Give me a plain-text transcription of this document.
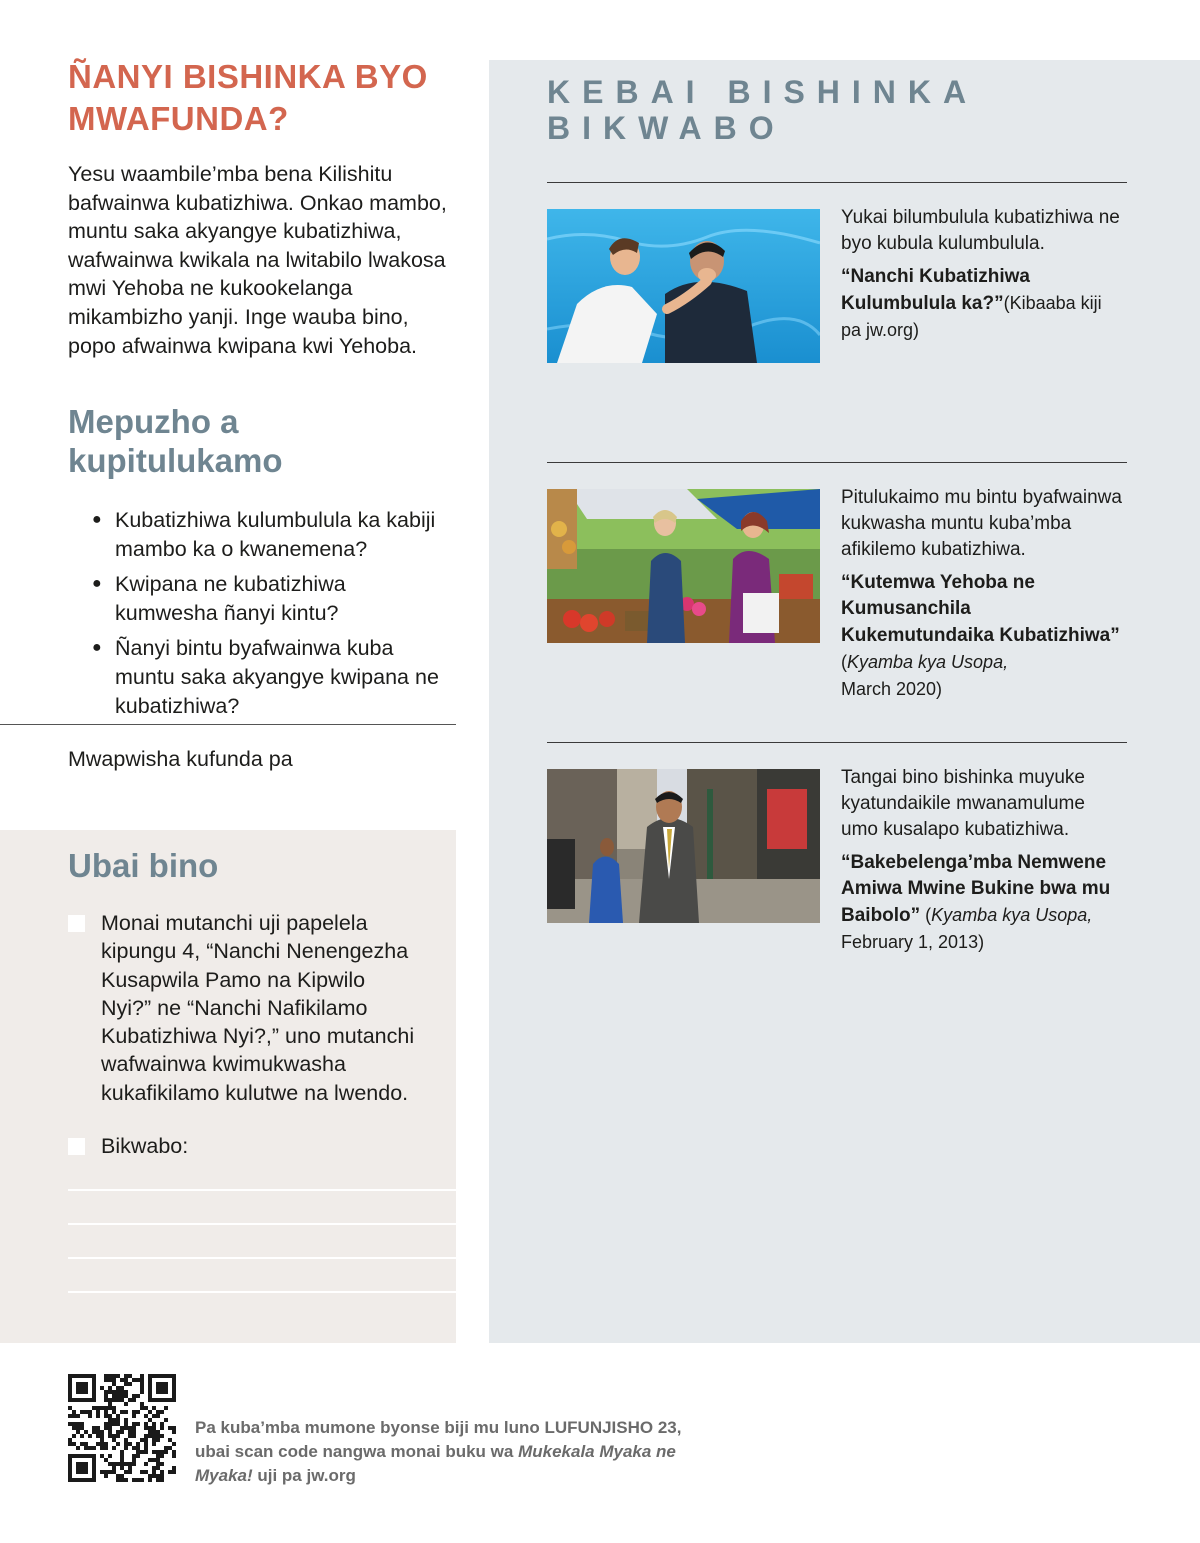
ÑANYI BISHINKA BYO MWAFUNDA?

Yesu waambile’mba bena Kilishitu bafwainwa kubatizhiwa. Onkao mambo, muntu saka akyangye kubatizhiwa, wafwainwa kwikala na lwitabilo lwakosa mwi Yehoba ne kukookelanga mikambizho yanji. Inge wauba bino, popo afwainwa kwipana kwi Yehoba.

Mepuzho a kupitulukamo
● Kubatizhiwa kulumbulula ka kabiji mambo ka o kwanemena?
● Kwipana ne kubatizhiwa kumwesha ñanyi kintu?
● Ñanyi bintu byafwainwa kuba muntu saka akyangye kwipana ne kubatizhiwa?

Mwapwisha kufunda pa

Ubai bino

Monai mutanchi uji papelela kipungu 4, “Nanchi Nenengezha Kusapwila Pamo na Kipwilo Nyi?” ne “Nanchi Nafikilamo Kubatizhiwa Nyi?,” uno mutanchi wafwainwa kwimukwasha kukafikilamo kulutwe na lwendo.

Bikwabo:

KEBAI BISHINKA BIKWABO

Yukai bilumbulula kubatizhiwa ne byo kubula kulumbulula.

“Nanchi Kubatizhiwa Kulumbulula ka?”(Kibaaba kiji pa jw.org)

Pitulukaimo mu bintu byafwainwa kukwasha muntu kuba’mba afikilemo kubatizhiwa.

“Kutemwa Yehoba ne Kumusanchila Kukemutundaika Kubatizhiwa” (Kyamba kya Usopa,
March 2020)

Tangai bino bishinka muyuke kyatundaikile mwanamulume umo kusalapo kubatizhiwa.

“Bakebelenga’mba Nemwene Amiwa Mwine Bukine bwa mu Baibolo” (Kyamba kya Usopa,
February 1, 2013)

Pa kuba’mba mumone byonse biji mu luno LUFUNJISHO 23, ubai scan code nangwa monai buku wa Mukekala Myaka ne Myaka! uji pa jw.org
